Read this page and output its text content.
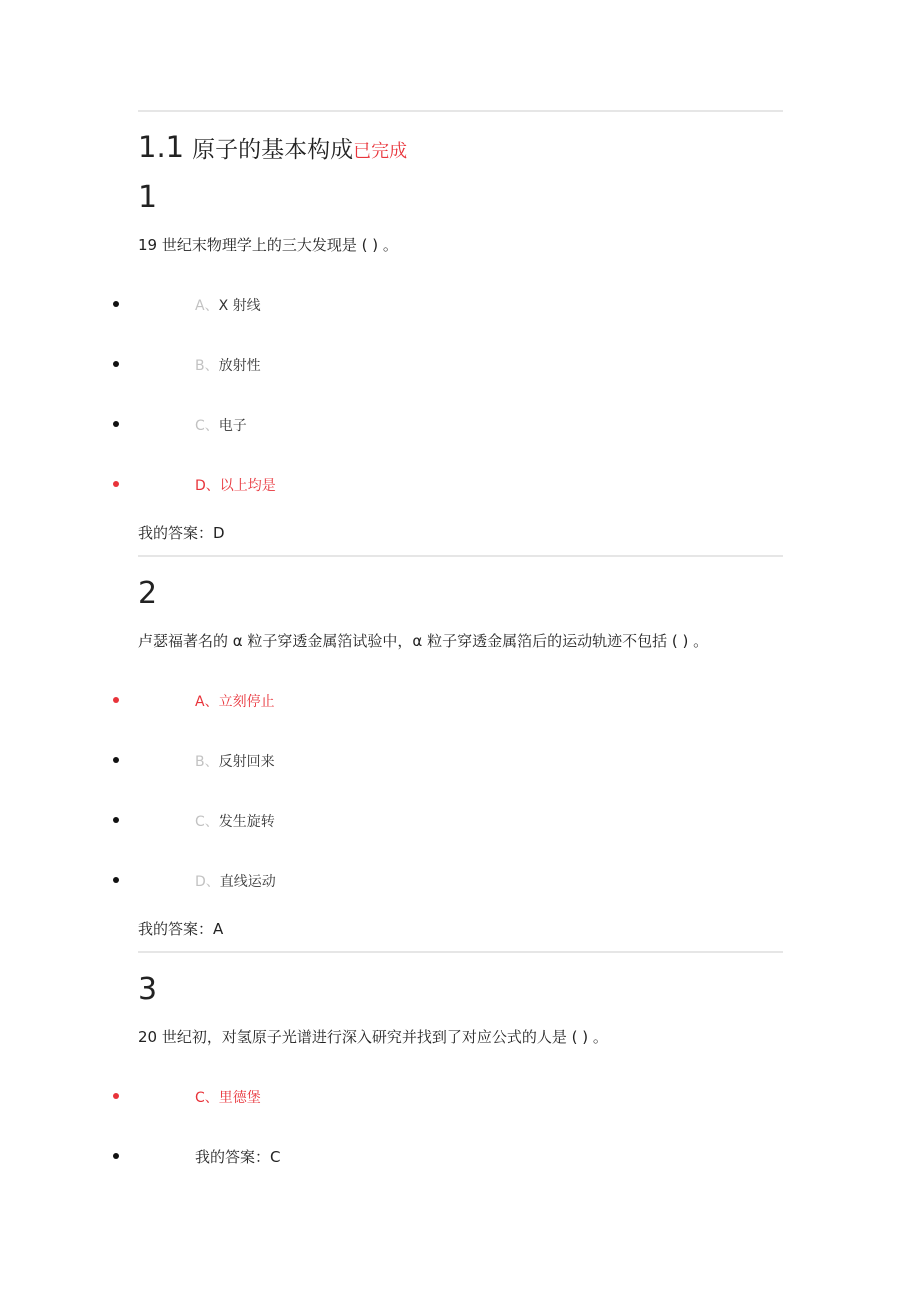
1.1 原子的基本构成已完成
1
19 世纪末物理学上的三大发现是 ( ) 。
A、X 射线
B、放射性
C、电子
D、以上均是
我的答案：D
2
卢瑟福著名的 α 粒子穿透金属箔试验中，α 粒子穿透金属箔后的运动轨迹不包括 ( ) 。
A、立刻停止
B、反射回来
C、发生旋转
D、直线运动
我的答案：A
3
20 世纪初，对氢原子光谱进行深入研究并找到了对应公式的人是 ( ) 。
C、里德堡
我的答案：C
